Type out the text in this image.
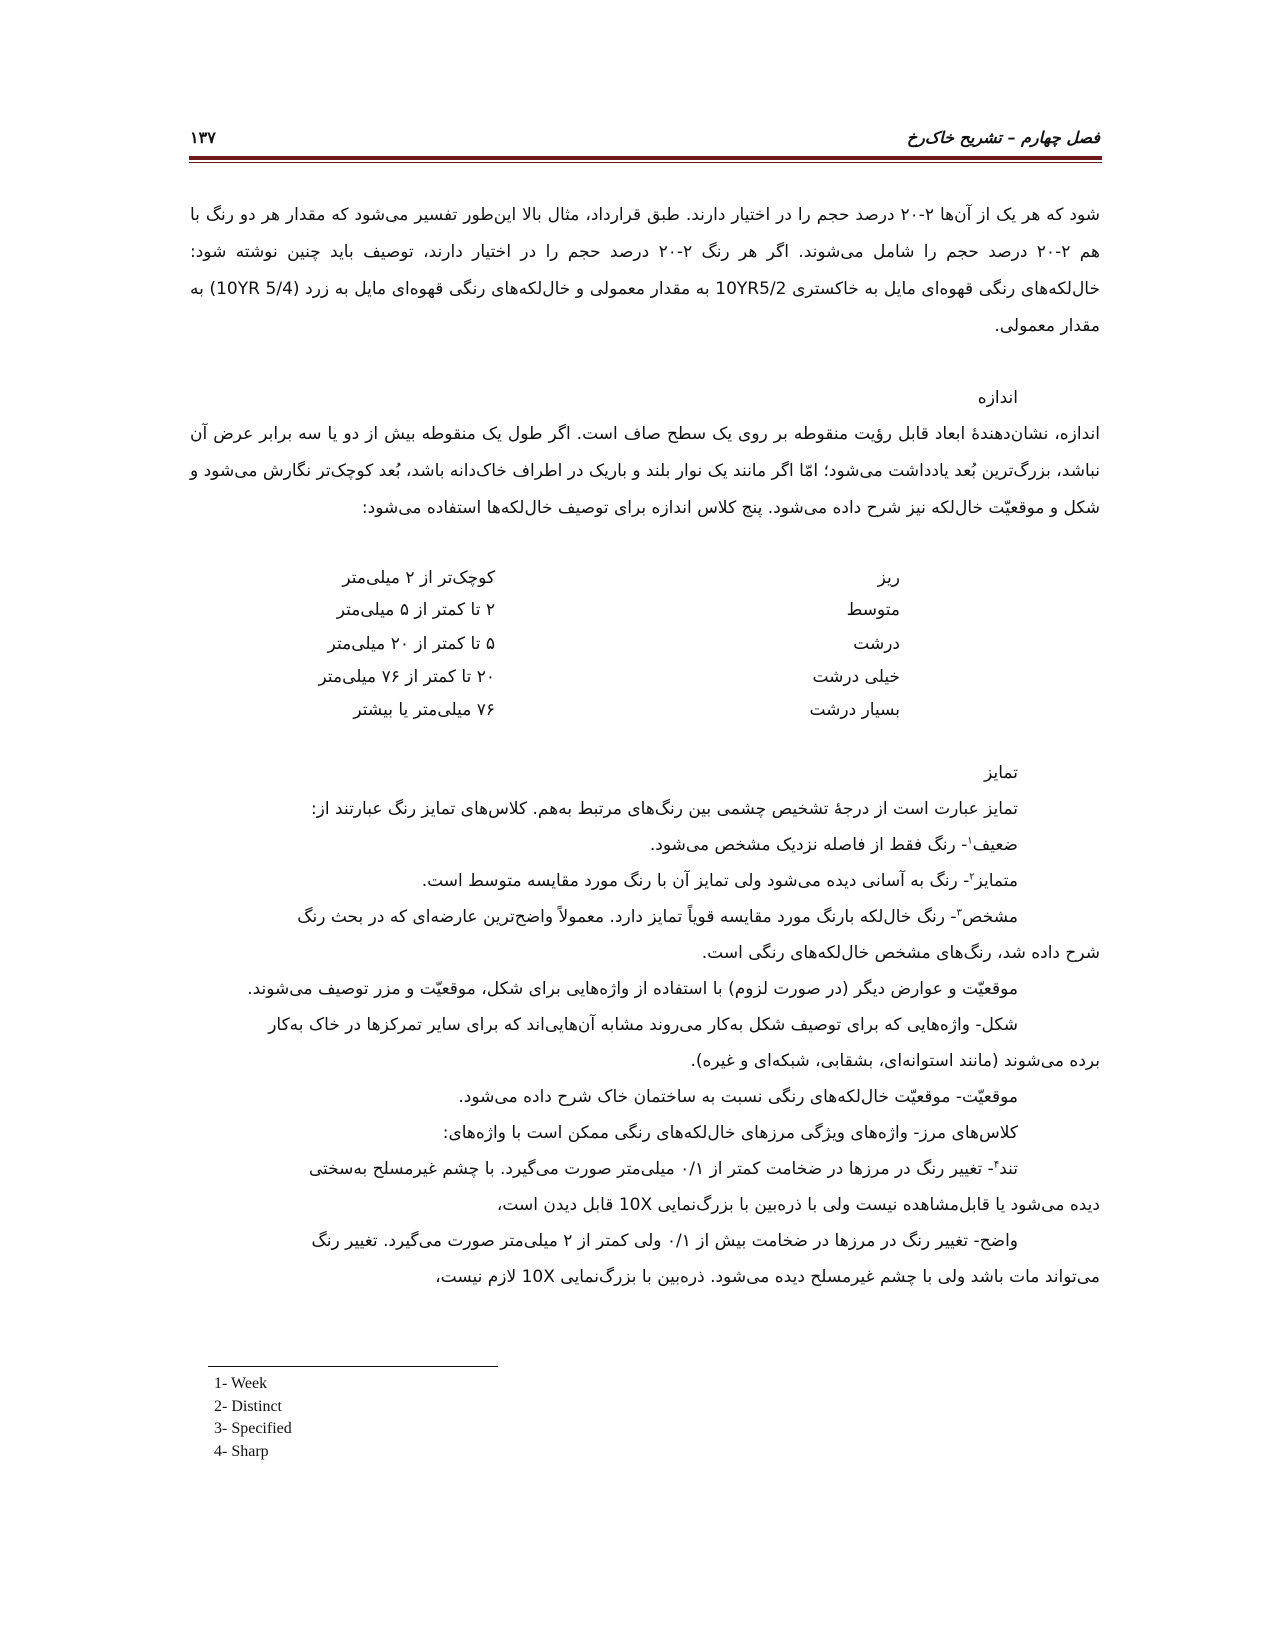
فصل چهارم – تشریح خاک‌رخ
۱۳۷
شود که هر یک از آن‌ها ۲-۲۰ درصد حجم را در اختیار دارند. طبق قرارداد، مثال بالا این‌طور تفسیر می‌شود که مقدار هر دو رنگ با هم ۲-۲۰ درصد حجم را شامل می‌شوند. اگر هر رنگ ۲-۲۰ درصد حجم را در اختیار دارند، توصیف باید چنین نوشته شود: خال‌لکه‌های رنگی قهوه‌ای مایل به خاکستری 10YR5/2 به مقدار معمولی و خال‌لکه‌های رنگی قهوه‌ای مایل به زرد (10YR 5/4) به مقدار معمولی.
اندازه
اندازه، نشان‌دهندهٔ ابعاد قابل رؤیت منقوطه بر روی یک سطح صاف است. اگر طول یک منقوطه بیش از دو یا سه برابر عرض آن نباشد، بزرگ‌ترین بُعد یادداشت می‌شود؛ امّا اگر مانند یک نوار بلند و باریک در اطراف خاک‌دانه باشد، بُعد کوچک‌تر نگارش می‌شود و شکل و موقعیّت خال‌لکه نیز شرح داده می‌شود. پنج کلاس اندازه برای توصیف خال‌لکه‌ها استفاده می‌شود:
ریز
کوچک‌تر از ۲ میلی‌متر
متوسط
۲ تا کمتر از ۵ میلی‌متر
درشت
۵ تا کمتر از ۲۰ میلی‌متر
خیلی درشت
۲۰ تا کمتر از ۷۶ میلی‌متر
بسیار درشت
۷۶ میلی‌متر یا بیشتر
تمایز
تمایز عبارت است از درجهٔ تشخیص چشمی بین رنگ‌های مرتبط به‌هم. کلاس‌های تمایز رنگ عبارتند از:
ضعیف$^۱$- رنگ فقط از فاصله نزدیک مشخص می‌شود.
متمایز$^۲$- رنگ به آسانی دیده می‌شود ولی تمایز آن با رنگ مورد مقایسه متوسط است.
مشخص$^۳$- رنگ خال‌لکه بارنگ مورد مقایسه قویاً تمایز دارد. معمولاً واضح‌ترین عارضه‌ای که در بحث رنگ
شرح داده شد، رنگ‌های مشخص خال‌لکه‌های رنگی است.
موقعیّت و عوارض دیگر (در صورت لزوم) با استفاده از واژه‌هایی برای شکل، موقعیّت و مزر توصیف می‌شوند.
شکل- واژه‌هایی که برای توصیف شکل به‌کار می‌روند مشابه آن‌هایی‌اند که برای سایر تمرکزها در خاک به‌کار
برده می‌شوند (مانند استوانه‌ای، بشقابی، شبکه‌ای و غیره).
موقعیّت- موقعیّت خال‌لکه‌های رنگی نسبت به ساختمان خاک شرح داده می‌شود.
کلاس‌های مرز- واژه‌های ویژگی مرزهای خال‌لکه‌های رنگی ممکن است با واژه‌های:
تند$^۴$- تغییر رنگ در مرزها در ضخامت کمتر از ۰/۱ میلی‌متر صورت می‌گیرد. با چشم غیرمسلح به‌سختی
دیده می‌شود یا قابل‌مشاهده نیست ولی با ذره‌بین با بزرگ‌نمایی 10X قابل دیدن است،
واضح- تغییر رنگ در مرزها در ضخامت بیش از ۰/۱ ولی کمتر از ۲ میلی‌متر صورت می‌گیرد. تغییر رنگ
می‌تواند مات باشد ولی با چشم غیرمسلح دیده می‌شود. ذره‌بین با بزرگ‌نمایی 10X لازم نیست،
1- Week
2- Distinct
3- Specified
4- Sharp
